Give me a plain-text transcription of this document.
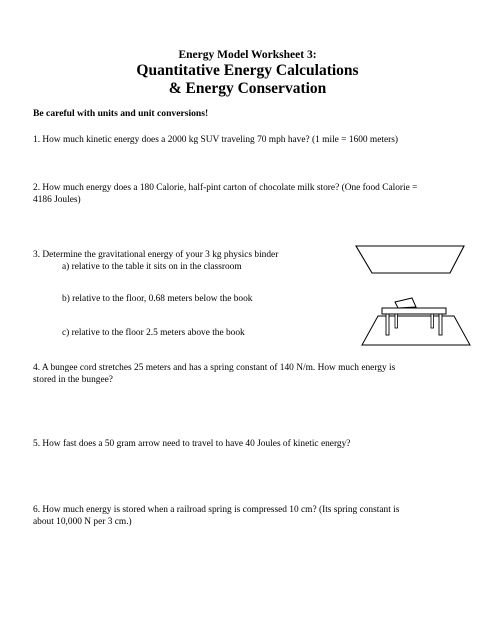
Energy Model Worksheet 3:
Quantitative Energy Calculations
& Energy Conservation
Be careful with units and unit conversions!
1. How much kinetic energy does a 2000 kg SUV traveling 70 mph have? (1 mile = 1600 meters)
2. How much energy does a 180 Calorie, half-pint carton of chocolate milk store? (One food Calorie =
4186 Joules)
3. Determine the gravitational energy of your 3 kg physics binder
a) relative to the table it sits on in the classroom
b) relative to the floor, 0.68 meters below the book
c) relative to the floor 2.5 meters above the book
4. A bungee cord stretches 25 meters and has a spring constant of 140 N/m. How much energy is
stored in the bungee?
5. How fast does a 50 gram arrow need to travel to have 40 Joules of kinetic energy?
6. How much energy is stored when a railroad spring is compressed 10 cm? (Its spring constant is
about 10,000 N per 3 cm.)
